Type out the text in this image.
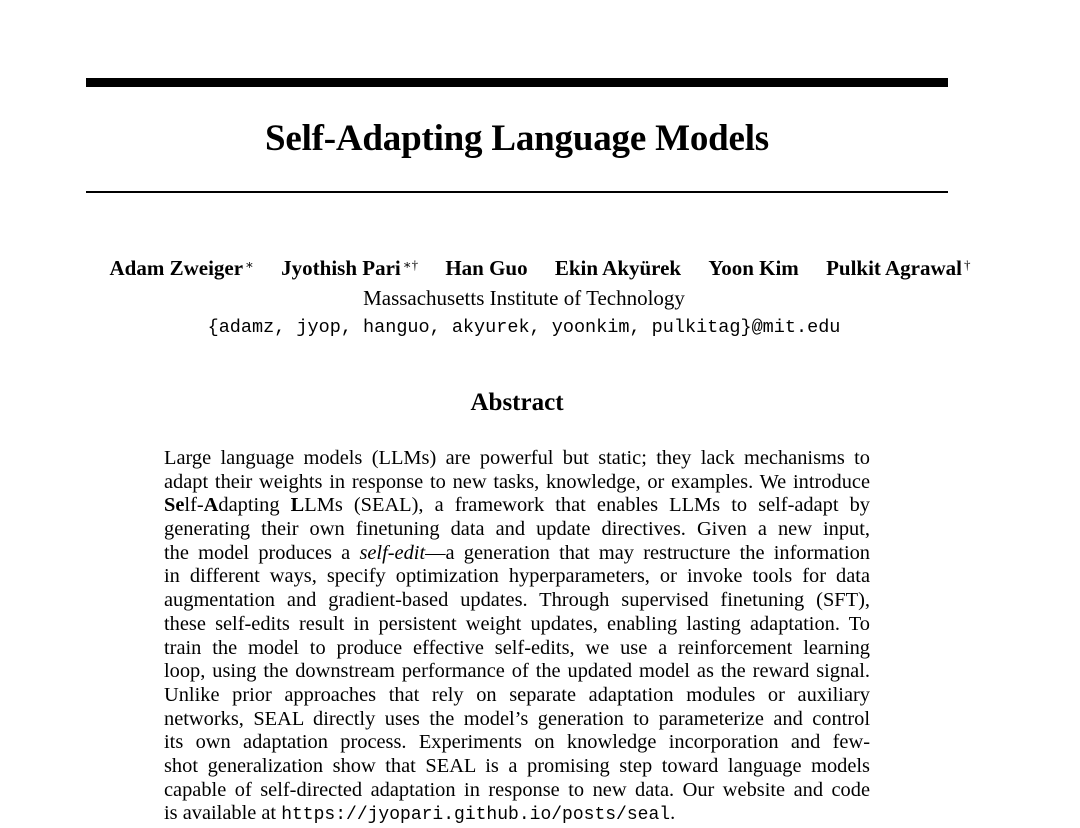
Self-Adapting Language Models
Adam Zweiger ∗ Jyothish Pari ∗† Han Guo Ekin Akyürek Yoon Kim Pulkit Agrawal †
Massachusetts Institute of Technology
{adamz, jyop, hanguo, akyurek, yoonkim, pulkitag}@mit.edu
Abstract
Large language models (LLMs) are powerful but static; they lack mechanisms to
adapt their weights in response to new tasks, knowledge, or examples. We introduce
Self-Adapting LLMs (SEAL), a framework that enables LLMs to self-adapt by
generating their own finetuning data and update directives. Given a new input,
the model produces a self-edit—a generation that may restructure the information
in different ways, specify optimization hyperparameters, or invoke tools for data
augmentation and gradient-based updates. Through supervised finetuning (SFT),
these self-edits result in persistent weight updates, enabling lasting adaptation. To
train the model to produce effective self-edits, we use a reinforcement learning
loop, using the downstream performance of the updated model as the reward signal.
Unlike prior approaches that rely on separate adaptation modules or auxiliary
networks, SEAL directly uses the model’s generation to parameterize and control
its own adaptation process. Experiments on knowledge incorporation and few-
shot generalization show that SEAL is a promising step toward language models
capable of self-directed adaptation in response to new data. Our website and code
is available at https://jyopari.github.io/posts/seal.
